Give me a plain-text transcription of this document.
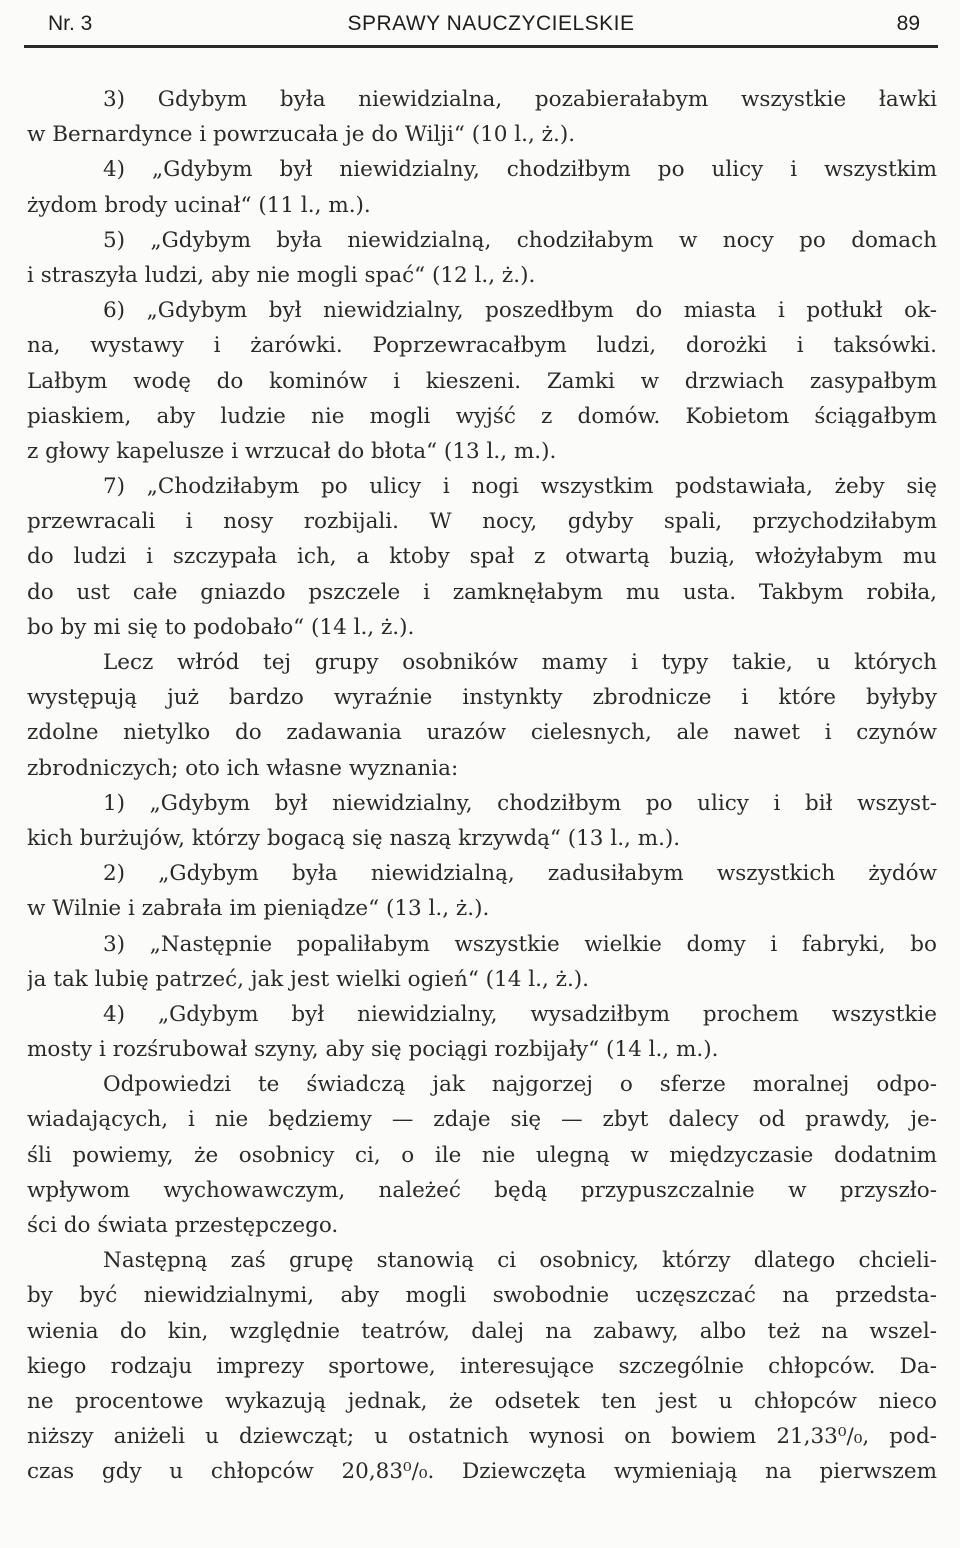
Nr. 3	SPRAWY NAUCZYCIELSKIE	89
3) Gdybym była niewidzialna, pozabierałabym wszystkie ławki
w Bernardynce i powrzucała je do Wilji“ (10 l., ż.).
4) „Gdybym był niewidzialny, chodziłbym po ulicy i wszystkim
żydom brody ucinał“ (11 l., m.).
5) „Gdybym była niewidzialną, chodziłabym w nocy po domach
i straszyła ludzi, aby nie mogli spać“ (12 l., ż.).
6) „Gdybym był niewidzialny, poszedłbym do miasta i potłukł ok-
na, wystawy i żarówki. Poprzewracałbym ludzi, dorożki i taksówki.
Lałbym wodę do kominów i kieszeni. Zamki w drzwiach zasypałbym
piaskiem, aby ludzie nie mogli wyjść z domów. Kobietom ściągałbym
z głowy kapelusze i wrzucał do błota“ (13 l., m.).
7) „Chodziłabym po ulicy i nogi wszystkim podstawiała, żeby się
przewracali i nosy rozbijali. W nocy, gdyby spali, przychodziłabym
do ludzi i szczypała ich, a ktoby spał z otwartą buzią, włożyłabym mu
do ust całe gniazdo pszczele i zamknęłabym mu usta. Takbym robiła,
bo by mi się to podobało“ (14 l., ż.).
Lecz włród tej grupy osobników mamy i typy takie, u których
występują już bardzo wyraźnie instynkty zbrodnicze i które byłyby
zdolne nietylko do zadawania urazów cielesnych, ale nawet i czynów
zbrodniczych; oto ich własne wyznania:
1) „Gdybym był niewidzialny, chodziłbym po ulicy i bił wszyst-
kich burżujów, którzy bogacą się naszą krzywdą“ (13 l., m.).
2) „Gdybym była niewidzialną, zadusiłabym wszystkich żydów
w Wilnie i zabrała im pieniądze“ (13 l., ż.).
3) „Następnie popaliłabym wszystkie wielkie domy i fabryki, bo
ja tak lubię patrzeć, jak jest wielki ogień“ (14 l., ż.).
4) „Gdybym był niewidzialny, wysadziłbym prochem wszystkie
mosty i rozśrubował szyny, aby się pociągi rozbijały“ (14 l., m.).
Odpowiedzi te świadczą jak najgorzej o sferze moralnej odpo-
wiadających, i nie będziemy — zdaje się — zbyt dalecy od prawdy, je-
śli powiemy, że osobnicy ci, o ile nie ulegną w międzyczasie dodatnim
wpływom wychowawczym, należeć będą przypuszczalnie w przyszło-
ści do świata przestępczego.
Następną zaś grupę stanowią ci osobnicy, którzy dlatego chcieli-
by być niewidzialnymi, aby mogli swobodnie uczęszczać na przedsta-
wienia do kin, względnie teatrów, dalej na zabawy, albo też na wszel-
kiego rodzaju imprezy sportowe, interesujące szczególnie chłopców. Da-
ne procentowe wykazują jednak, że odsetek ten jest u chłopców nieco
niższy aniżeli u dziewcząt; u ostatnich wynosi on bowiem 21,33⁰/₀, pod-
czas gdy u chłopców 20,83⁰/₀. Dziewczęta wymieniają na pierwszem
